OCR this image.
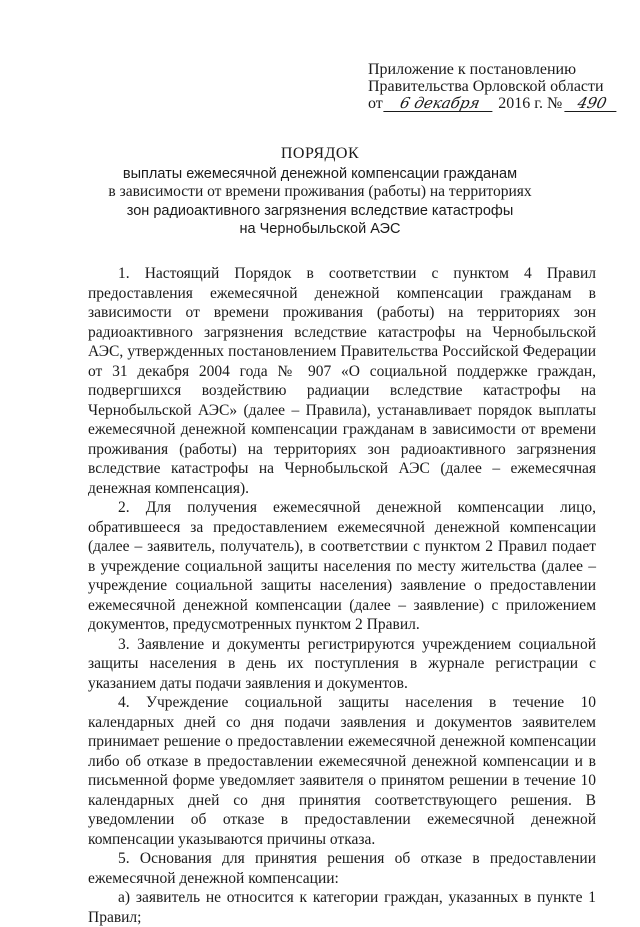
Приложение к постановлению
Правительства Орловской области
от	6 декабря	2016 г. № 490
ПОРЯДОК
выплаты ежемесячной денежной компенсации гражданам
в зависимости от времени проживания (работы) на территориях
зон радиоактивного загрязнения вследствие катастрофы
на Чернобыльской АЭС

1. Настоящий Порядок в соответствии с пунктом 4 Правил предоставления ежемесячной денежной компенсации гражданам в зависимости от времени проживания (работы) на территориях зон радиоактивного загрязнения вследствие катастрофы на Чернобыльской АЭС, утвержденных постановлением Правительства Российской Федерации от 31 декабря 2004 года № 907 «О социальной поддержке граждан, подвергшихся воздействию радиации вследствие катастрофы на Чернобыльской АЭС» (далее – Правила), устанавливает порядок выплаты ежемесячной денежной компенсации гражданам в зависимости от времени проживания (работы) на территориях зон радиоактивного загрязнения вследствие катастрофы на Чернобыльской АЭС (далее – ежемесячная денежная компенсация).

2. Для получения ежемесячной денежной компенсации лицо, обратившееся за предоставлением ежемесячной денежной компенсации (далее – заявитель, получатель), в соответствии с пунктом 2 Правил подает в учреждение социальной защиты населения по месту жительства (далее – учреждение социальной защиты населения) заявление о предоставлении ежемесячной денежной компенсации (далее – заявление) с приложением документов, предусмотренных пунктом 2 Правил.

3. Заявление и документы регистрируются учреждением социальной защиты населения в день их поступления в журнале регистрации с указанием даты подачи заявления и документов.

4. Учреждение социальной защиты населения в течение 10 календарных дней со дня подачи заявления и документов заявителем принимает решение о предоставлении ежемесячной денежной компенсации либо об отказе в предоставлении ежемесячной денежной компенсации и в письменной форме уведомляет заявителя о принятом решении в течение 10 календарных дней со дня принятия соответствующего решения. В уведомлении об отказе в предоставлении ежемесячной денежной компенсации указываются причины отказа.

5. Основания для принятия решения об отказе в предоставлении ежемесячной денежной компенсации:

а) заявитель не относится к категории граждан, указанных в пункте 1 Правил;
